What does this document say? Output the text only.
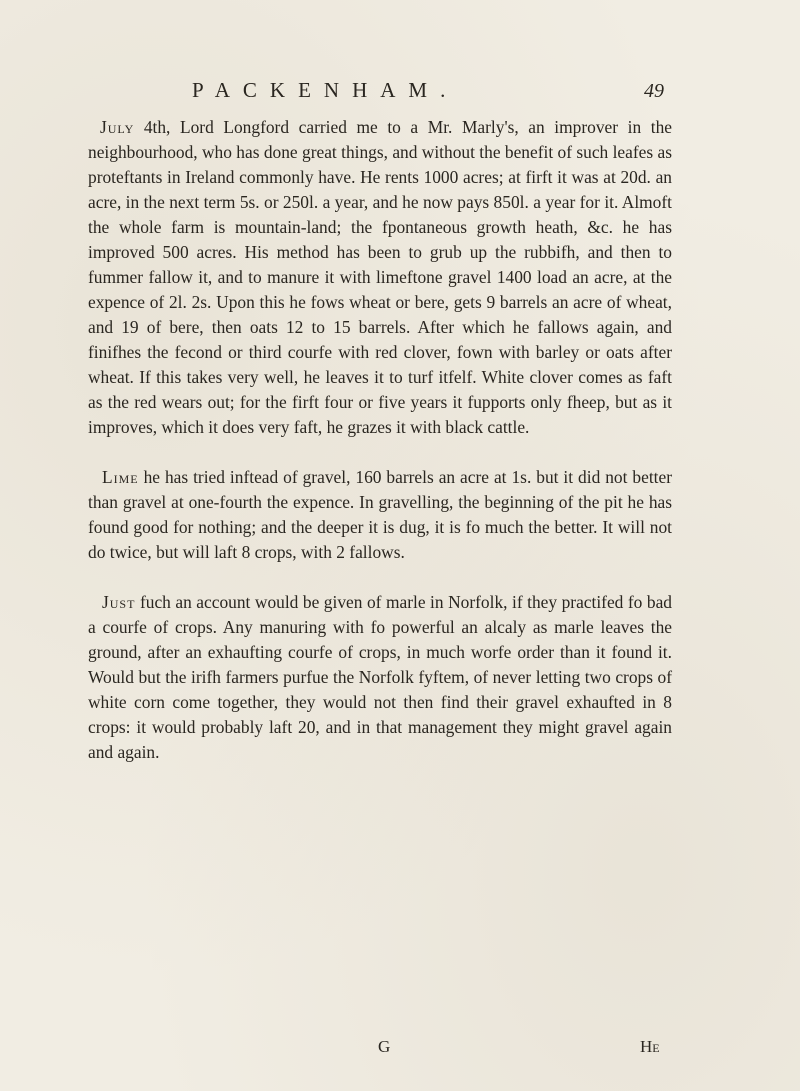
PACKENHAM.	49

July 4th, Lord Longford carried me to a Mr. Marly's, an improver in the neighbourhood, who has done great things, and without the benefit of such leafes as proteftants in Ireland commonly have. He rents 1000 acres; at firft it was at 20d. an acre, in the next term 5s. or 250l. a year, and he now pays 850l. a year for it. Almoft the whole farm is mountain-land; the fpontaneous growth heath, &c. he has improved 500 acres. His method has been to grub up the rubbifh, and then to fummer fallow it, and to manure it with limeftone gravel 1400 load an acre, at the expence of 2l. 2s. Upon this he fows wheat or bere, gets 9 barrels an acre of wheat, and 19 of bere, then oats 12 to 15 barrels. After which he fallows again, and finifhes the fecond or third courfe with red clover, fown with barley or oats after wheat. If this takes very well, he leaves it to turf itfelf. White clover comes as faft as the red wears out; for the firft four or five years it fupports only fheep, but as it improves, which it does very faft, he grazes it with black cattle.

Lime he has tried inftead of gravel, 160 barrels an acre at 1s. but it did not better than gravel at one-fourth the expence. In gravelling, the beginning of the pit he has found good for nothing; and the deeper it is dug, it is fo much the better. It will not do twice, but will laft 8 crops, with 2 fallows.

Just fuch an account would be given of marle in Norfolk, if they practifed fo bad a courfe of crops. Any manuring with fo powerful an alcaly as marle leaves the ground, after an exhaufting courfe of crops, in much worfe order than it found it. Would but the irifh farmers purfue the Norfolk fyftem, of never letting two crops of white corn come together, they would not then find their gravel exhaufted in 8 crops: it would probably laft 20, and in that management they might gravel again and again.

G	He
